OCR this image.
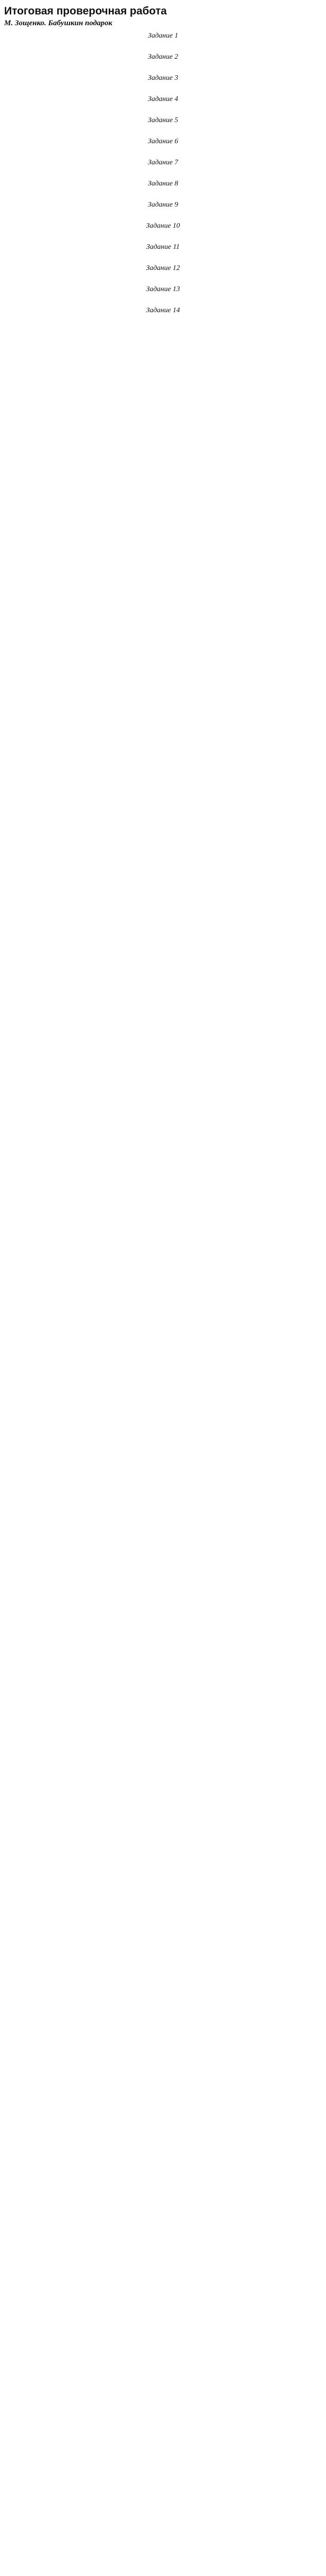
Итоговая проверочная работа
М. Зощенко. Бабушкин подарок
Задание 1

Задание 2

Задание 3

Задание 4

Задание 5

Задание 6

Задание 7

Задание 8

Задание 9

Задание 10

Задание 11

Задание 12

Задание 13

Задание 14
